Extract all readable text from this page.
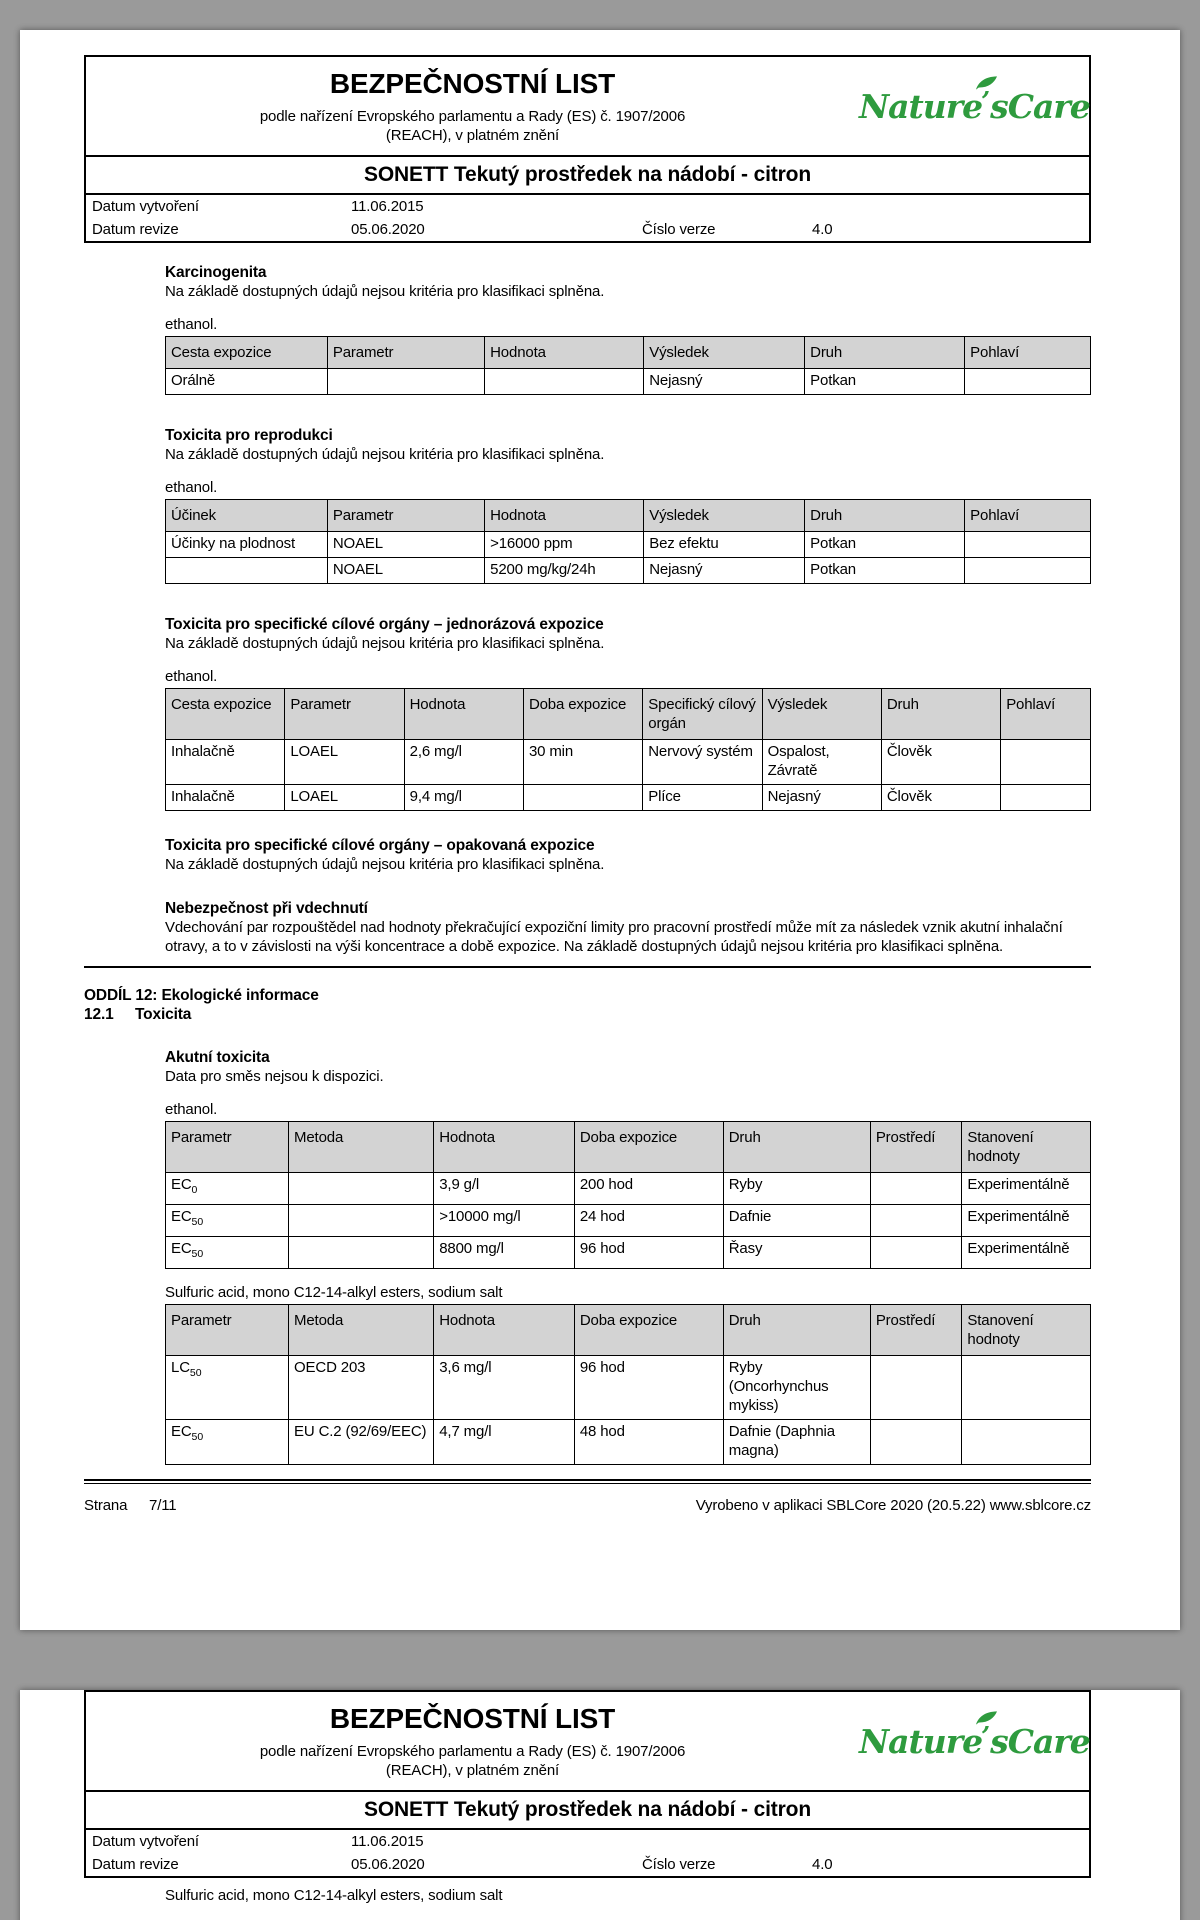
BEZPEČNOSTNÍ LIST
podle nařízení Evropského parlamentu a Rady (ES) č. 1907/2006
(REACH), v platném znění
Nature
’sCare
SONETT Tekutý prostředek na nádobí - citron
Datum vytvoření	11.06.2015
Datum revize	05.06.2020	Číslo verze	4.0
Karcinogenita
Na základě dostupných údajů nejsou kritéria pro klasifikaci splněna.
ethanol.
Cesta expozice	Parametr	Hodnota	Výsledek	Druh	Pohlaví
Orálně			Nejasný	Potkan	
Toxicita pro reprodukci
Na základě dostupných údajů nejsou kritéria pro klasifikaci splněna.
ethanol.
Účinek	Parametr	Hodnota	Výsledek	Druh	Pohlaví
Účinky na plodnost	NOAEL	>16000 ppm	Bez efektu	Potkan	
	NOAEL	5200 mg/kg/24h	Nejasný	Potkan	
Toxicita pro specifické cílové orgány – jednorázová expozice
Na základě dostupných údajů nejsou kritéria pro klasifikaci splněna.
ethanol.
Cesta expozice	Parametr	Hodnota	Doba expozice	Specifický cílový orgán	Výsledek	Druh	Pohlaví
Inhalačně	LOAEL	2,6 mg/l	30 min	Nervový systém	Ospalost, Závratě	Člověk	
Inhalačně	LOAEL	9,4 mg/l		Plíce	Nejasný	Člověk	
Toxicita pro specifické cílové orgány – opakovaná expozice
Na základě dostupných údajů nejsou kritéria pro klasifikaci splněna.
Nebezpečnost při vdechnutí
Vdechování par rozpouštědel nad hodnoty překračující expoziční limity pro pracovní prostředí může mít za následek vznik akutní inhalační otravy, a to v závislosti na výši koncentrace a době expozice. Na základě dostupných údajů nejsou kritéria pro klasifikaci splněna.
ODDÍL 12: Ekologické informace
12.1	Toxicita
Akutní toxicita
Data pro směs nejsou k dispozici.
ethanol.
Parametr	Metoda	Hodnota	Doba expozice	Druh	Prostředí	Stanovení hodnoty
$EC_0$		3,9 g/l	200 hod	Ryby		Experimentálně
$EC_{50}$		>10000 mg/l	24 hod	Dafnie		Experimentálně
$EC_{50}$		8800 mg/l	96 hod	Řasy		Experimentálně
Sulfuric acid, mono C12-14-alkyl esters, sodium salt
Parametr	Metoda	Hodnota	Doba expozice	Druh	Prostředí	Stanovení hodnoty
$LC_{50}$	OECD 203	3,6 mg/l	96 hod	Ryby (Oncorhynchus mykiss)		
$EC_{50}$	EU C.2 (92/69/EEC)	4,7 mg/l	48 hod	Dafnie (Daphnia magna)		
Strana 7/11	Vyrobeno v aplikaci SBLCore 2020 (20.5.22) www.sblcore.cz
BEZPEČNOSTNÍ LIST
podle nařízení Evropského parlamentu a Rady (ES) č. 1907/2006
(REACH), v platném znění
Nature
’sCare
SONETT Tekutý prostředek na nádobí - citron
Datum vytvoření	11.06.2015
Datum revize	05.06.2020	Číslo verze	4.0
Sulfuric acid, mono C12-14-alkyl esters, sodium salt
